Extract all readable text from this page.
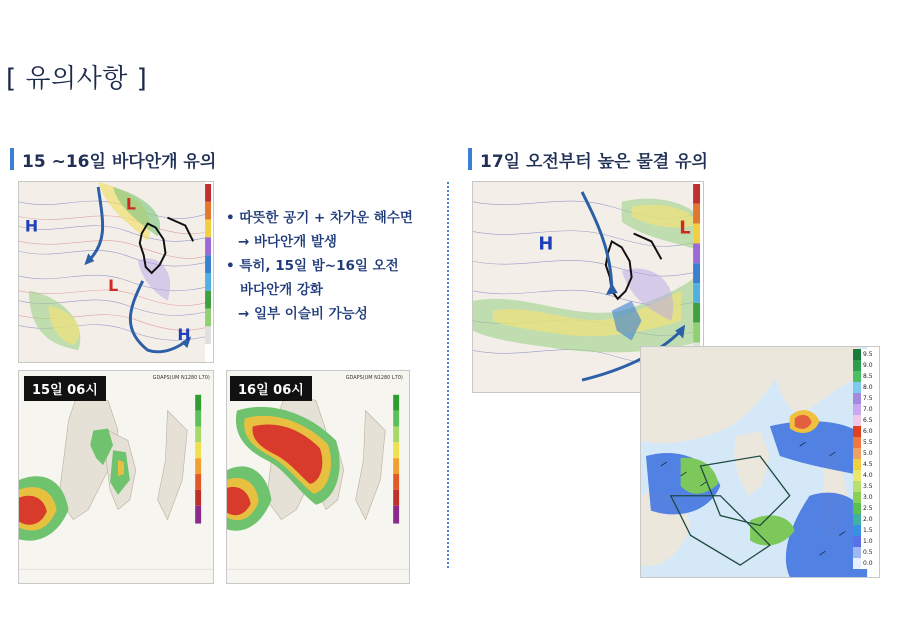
[ 유의사항 ]
15 ~16일 바다안개 유의	17일 오전부터 높은 물결 유의
H
L
L
H
• 따뜻한 공기 + 차가운 해수면
→ 바다안개 발생
• 특히, 15일 밤~16일 오전
바다안개 강화
→ 일부 이슬비 가능성
15일 06시
GDAPS(UM N1280 L70)
16일 06시
GDAPS(UM N1280 L70)
H
L
9.5
9.0
8.5
8.0
7.5
7.0
6.5
6.0
5.5
5.0
4.5
4.0
3.5
3.0
2.5
2.0
1.5
1.0
0.5
0.0
